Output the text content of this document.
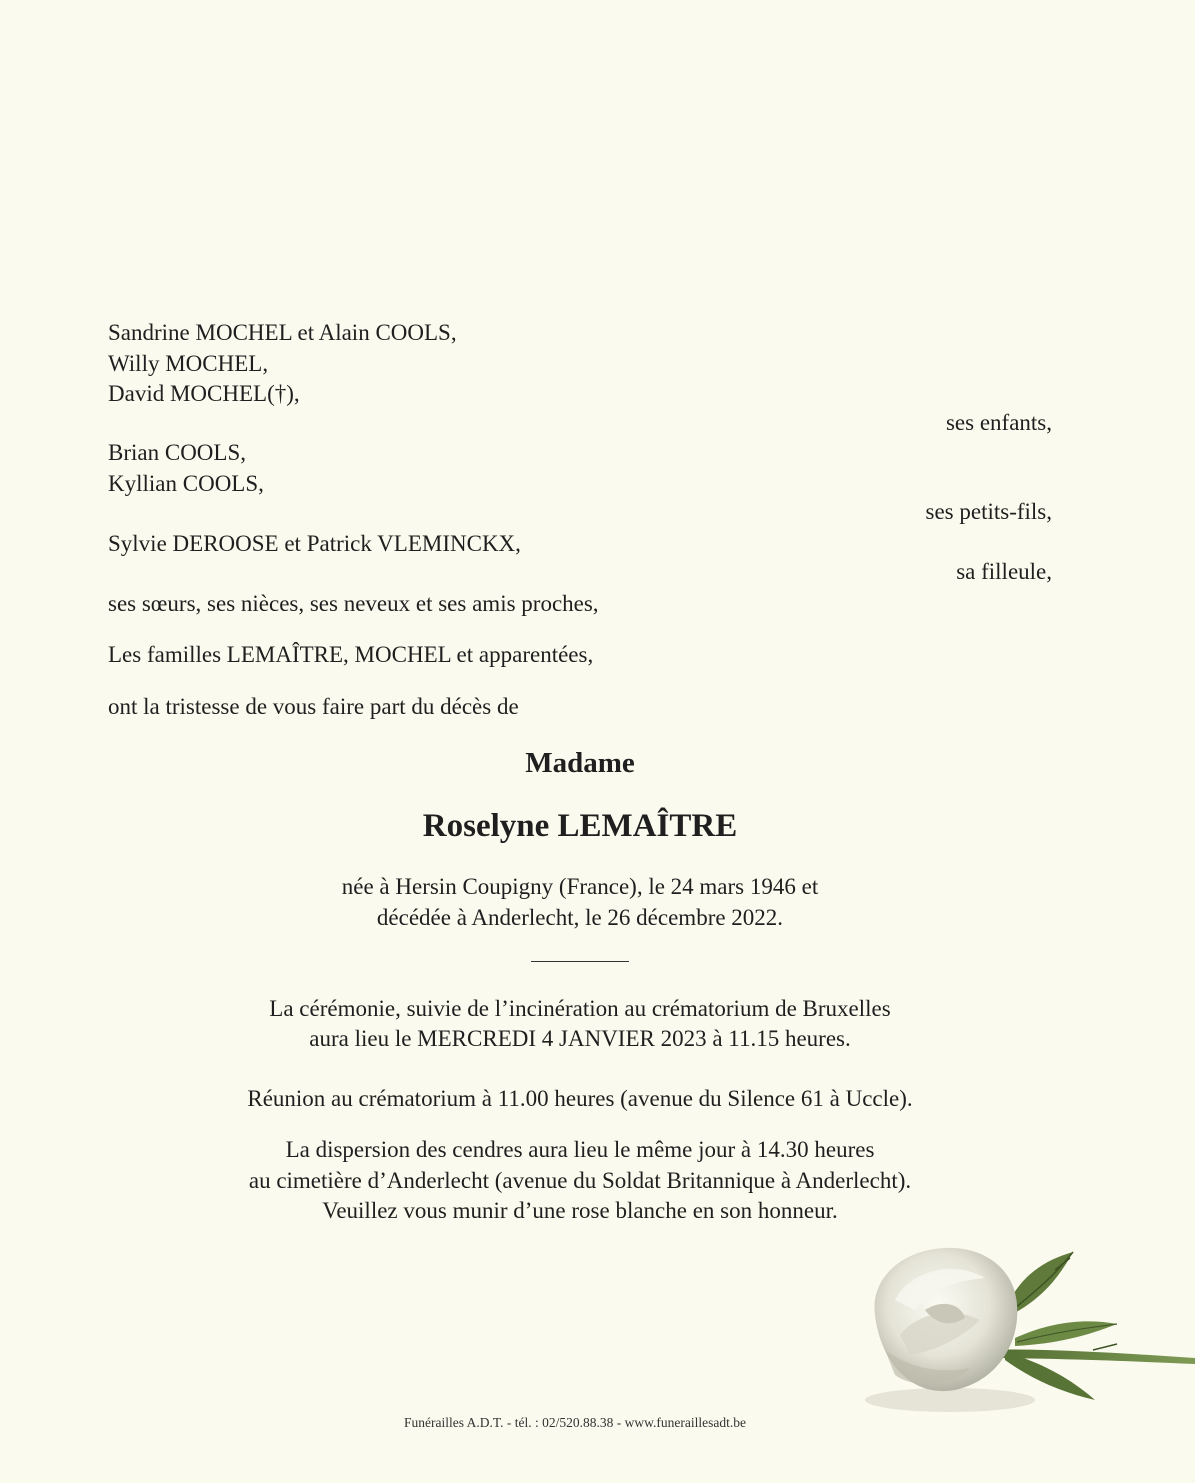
Sandrine MOCHEL et Alain COOLS,
Willy MOCHEL,
David MOCHEL(†),
ses enfants,
Brian COOLS,
Kyllian COOLS,
ses petits-fils,
Sylvie DEROOSE et Patrick VLEMINCKX,
sa filleule,
ses sœurs, ses nièces, ses neveux et ses amis proches,
Les familles LEMAÎTRE, MOCHEL et apparentées,
ont la tristesse de vous faire part du décès de
Madame
Roselyne LEMAÎTRE
née à Hersin Coupigny (France), le 24 mars 1946 et
décédée à Anderlecht, le 26 décembre 2022.
La cérémonie, suivie de l’incinération au crématorium de Bruxelles
aura lieu le MERCREDI 4 JANVIER 2023 à 11.15 heures.
Réunion au crématorium à 11.00 heures (avenue du Silence 61 à Uccle).
La dispersion des cendres aura lieu le même jour à 14.30 heures
au cimetière d’Anderlecht (avenue du Soldat Britannique à Anderlecht).
Veuillez vous munir d’une rose blanche en son honneur.
Funérailles A.D.T. - tél. : 02/520.88.38 - www.funeraillesadt.be
